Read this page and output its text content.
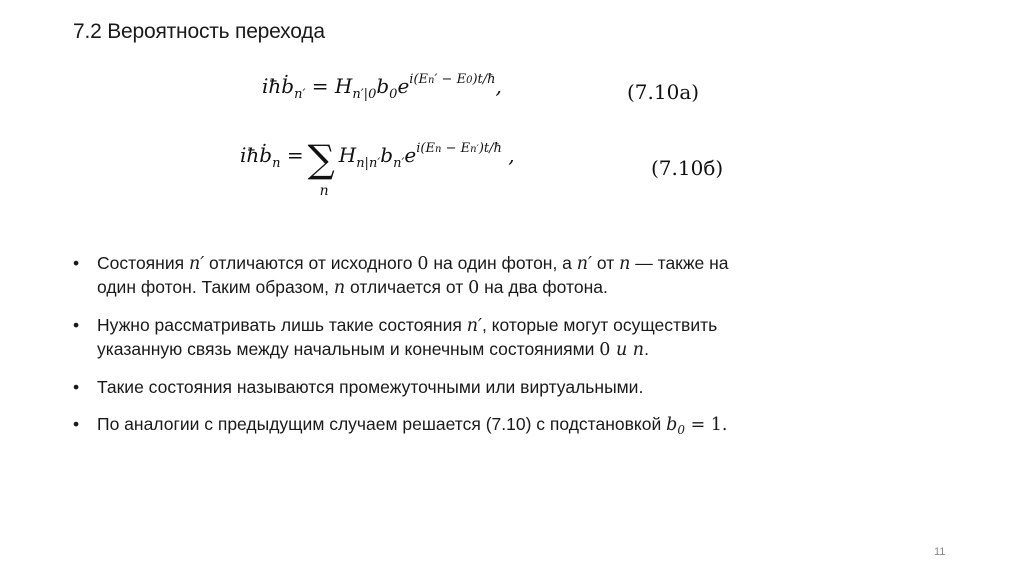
7.2 Вероятность перехода
iħḃ$_{n'}$ = $H_{n'|0}b_0e^{i(En' - E0)t/ħ}$,	(7.10а)
iħḃ$_n$ = ∑
n
$H_{n|n'}b_{n'}e^{i(En - En')t/ħ}$ ,
(7.10б)
• Состояния n′ отличаются от исходного 0 на один фотон, а n′ от n — также на
один фотон. Таким образом, n отличается от 0 на два фотона.
• Нужно рассматривать лишь такие состояния n′, которые могут осуществить
указанную связь между начальным и конечным состояниями 0 и n.
• Такие состояния называются промежуточными или виртуальными.
• По аналогии с предыдущим случаем решается (7.10) с подстановкой $b_0 = 1$.
11
